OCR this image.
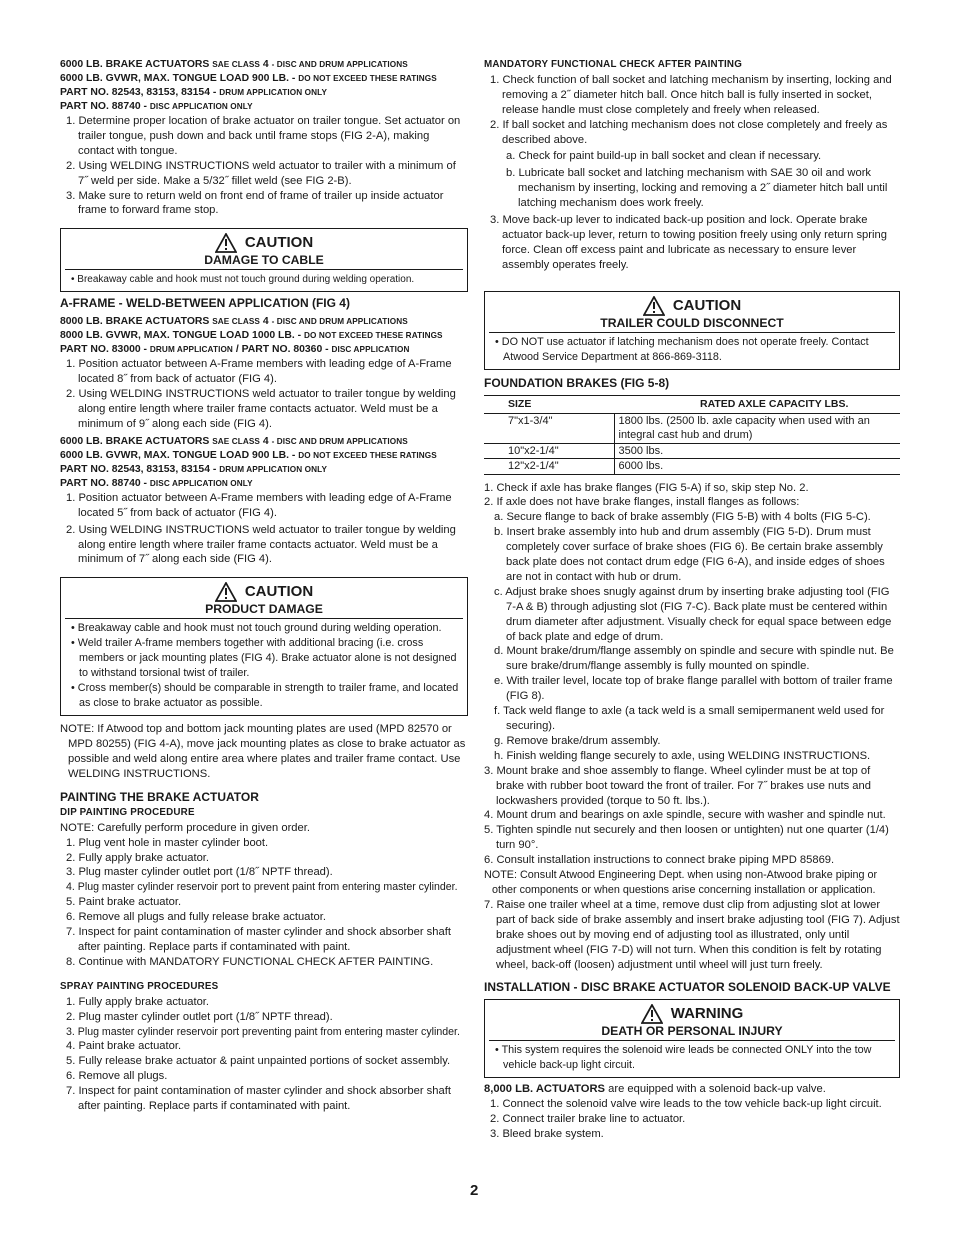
6000 LB. BRAKE ACTUATORS SAE CLASS 4 - DISC AND DRUM APPLICATIONS
6000 LB. GVWR, MAX. TONGUE LOAD 900 LB. - DO NOT EXCEED THESE RATINGS
PART NO. 82543, 83153, 83154 - DRUM APPLICATION ONLY
PART NO. 88740 - DISC APPLICATION ONLY
1. Determine proper location of brake actuator on trailer tongue. Set actuator on trailer tongue, push down and back until frame stops (FIG 2-A), making contact with tongue.
2. Using WELDING INSTRUCTIONS weld actuator to trailer with a minimum of 7˝ weld per side. Make a 5/32˝ fillet weld (see FIG 2-B).
3. Make sure to return weld on front end of frame of trailer up inside actuator frame to forward frame stop.
CAUTION
DAMAGE TO CABLE
• Breakaway cable and hook must not touch ground during welding operation.
A-FRAME - WELD-BETWEEN APPLICATION (FIG 4)
8000 LB. BRAKE ACTUATORS SAE CLASS 4 - DISC AND DRUM APPLICATIONS
8000 LB. GVWR, MAX. TONGUE LOAD 1000 LB. - DO NOT EXCEED THESE RATINGS
PART NO. 83000 - DRUM APPLICATION / PART NO. 80360 - DISC APPLICATION
1. Position actuator between A-Frame members with leading edge of A-Frame located 8˝ from back of actuator (FIG 4).
2. Using WELDING INSTRUCTIONS weld actuator to trailer tongue by welding along entire length where trailer frame contacts actuator. Weld must be a minimum of 9˝ along each side (FIG 4).
6000 LB. BRAKE ACTUATORS SAE CLASS 4 - DISC AND DRUM APPLICATIONS
6000 LB. GVWR, MAX. TONGUE LOAD 900 LB. - DO NOT EXCEED THESE RATINGS
PART NO. 82543, 83153, 83154 - DRUM APPLICATION ONLY
PART NO. 88740 - DISC APPLICATION ONLY
1. Position actuator between A-Frame members with leading edge of A-Frame located 5˝ from back of actuator (FIG 4).
2. Using WELDING INSTRUCTIONS weld actuator to trailer tongue by welding along entire length where trailer frame contacts actuator. Weld must be a minimum of 7˝ along each side (FIG 4).
CAUTION
PRODUCT DAMAGE
• Breakaway cable and hook must not touch ground during welding operation.
• Weld trailer A-frame members together with additional bracing (i.e. cross members or jack mounting plates (FIG 4). Brake actuator alone is not designed to withstand torsional twist of trailer.
• Cross member(s) should be comparable in strength to trailer frame, and located as close to brake actuator as possible.
NOTE: If Atwood top and bottom jack mounting plates are used (MPD 82570 or MPD 80255) (FIG 4-A), move jack mounting plates as close to brake actuator as possible and weld along entire area where plates and trailer frame contact. Use WELDING INSTRUCTIONS.
PAINTING THE BRAKE ACTUATOR
DIP PAINTING PROCEDURE
NOTE: Carefully perform procedure in given order.
1. Plug vent hole in master cylinder boot.
2. Fully apply brake actuator.
3. Plug master cylinder outlet port (1/8˝ NPTF thread).
4. Plug master cylinder reservoir port to prevent paint from entering master cylinder.
5. Paint brake actuator.
6. Remove all plugs and fully release brake actuator.
7. Inspect for paint contamination of master cylinder and shock absorber shaft after painting. Replace parts if contaminated with paint.
8. Continue with MANDATORY FUNCTIONAL CHECK AFTER PAINTING.
SPRAY PAINTING PROCEDURES
1. Fully apply brake actuator.
2. Plug master cylinder outlet port (1/8˝ NPTF thread).
3. Plug master cylinder reservoir port preventing paint from entering master cylinder.
4. Paint brake actuator.
5. Fully release brake actuator & paint unpainted portions of socket assembly.
6. Remove all plugs.
7. Inspect for paint contamination of master cylinder and shock absorber shaft after painting. Replace parts if contaminated with paint.
MANDATORY FUNCTIONAL CHECK AFTER PAINTING
1. Check function of ball socket and latching mechanism by inserting, locking and removing a 2˝ diameter hitch ball. Once hitch ball is fully inserted in socket, release handle must close completely and freely when released.
2. If ball socket and latching mechanism does not close completely and freely as described above.
a. Check for paint build-up in ball socket and clean if necessary.
b. Lubricate ball socket and latching mechanism with SAE 30 oil and work mechanism by inserting, locking and removing a 2˝ diameter hitch ball until latching mechanism does work freely.
3. Move back-up lever to indicated back-up position and lock. Operate brake actuator back-up lever, return to towing position freely using only return spring force. Clean off excess paint and lubricate as necessary to ensure lever assembly operates freely.
CAUTION
TRAILER COULD DISCONNECT
• DO NOT use actuator if latching mechanism does not operate freely. Contact Atwood Service Department at 866-869-3118.
FOUNDATION BRAKES (FIG 5-8)
SIZE	RATED AXLE CAPACITY LBS.
7"x1-3/4"	1800 lbs. (2500 lb. axle capacity when used with an integral cast hub and drum)
10"x2-1/4"	3500 lbs.
12"x2-1/4"	6000 lbs.
1. Check if axle has brake flanges (FIG 5-A) if so, skip step No. 2.
2. If axle does not have brake flanges, install flanges as follows:
a. Secure flange to back of brake assembly (FIG 5-B) with 4 bolts (FIG 5-C).
b. Insert brake assembly into hub and drum assembly (FIG 5-D). Drum must completely cover surface of brake shoes (FIG 6). Be certain brake assembly back plate does not contact drum edge (FIG 6-A), and inside edges of shoes are not in contact with hub or drum.
c. Adjust brake shoes snugly against drum by inserting brake adjusting tool (FIG 7-A & B) through adjusting slot (FIG 7-C). Back plate must be centered within drum diameter after adjustment. Visually check for equal space between edge of back plate and edge of drum.
d. Mount brake/drum/flange assembly on spindle and secure with spindle nut. Be sure brake/drum/flange assembly is fully mounted on spindle.
e. With trailer level, locate top of brake flange parallel with bottom of trailer frame (FIG 8).
f. Tack weld flange to axle (a tack weld is a small semipermanent weld used for securing).
g. Remove brake/drum assembly.
h. Finish welding flange securely to axle, using WELDING INSTRUCTIONS.
3. Mount brake and shoe assembly to flange. Wheel cylinder must be at top of brake with rubber boot toward the front of trailer. For 7˝ brakes use nuts and lockwashers provided (torque to 50 ft. lbs.).
4. Mount drum and bearings on axle spindle, secure with washer and spindle nut.
5. Tighten spindle nut securely and then loosen or untighten) nut one quarter (1/4) turn 90°.
6. Consult installation instructions to connect brake piping MPD 85869.
NOTE: Consult Atwood Engineering Dept. when using non-Atwood brake piping or other components or when questions arise concerning installation or application.
7. Raise one trailer wheel at a time, remove dust clip from adjusting slot at lower part of back side of brake assembly and insert brake adjusting tool (FIG 7). Adjust brake shoes out by moving end of adjusting tool as illustrated, only until adjustment wheel (FIG 7-D) will not turn. When this condition is felt by rotating wheel, back-off (loosen) adjustment until wheel will just turn freely.
INSTALLATION - DISC BRAKE ACTUATOR SOLENOID BACK-UP VALVE
WARNING
DEATH OR PERSONAL INJURY
• This system requires the solenoid wire leads be connected ONLY into the tow vehicle back-up light circuit.
8,000 LB. ACTUATORS are equipped with a solenoid back-up valve.
1. Connect the solenoid valve wire leads to the tow vehicle back-up light circuit.
2. Connect trailer brake line to actuator.
3. Bleed brake system.
2
